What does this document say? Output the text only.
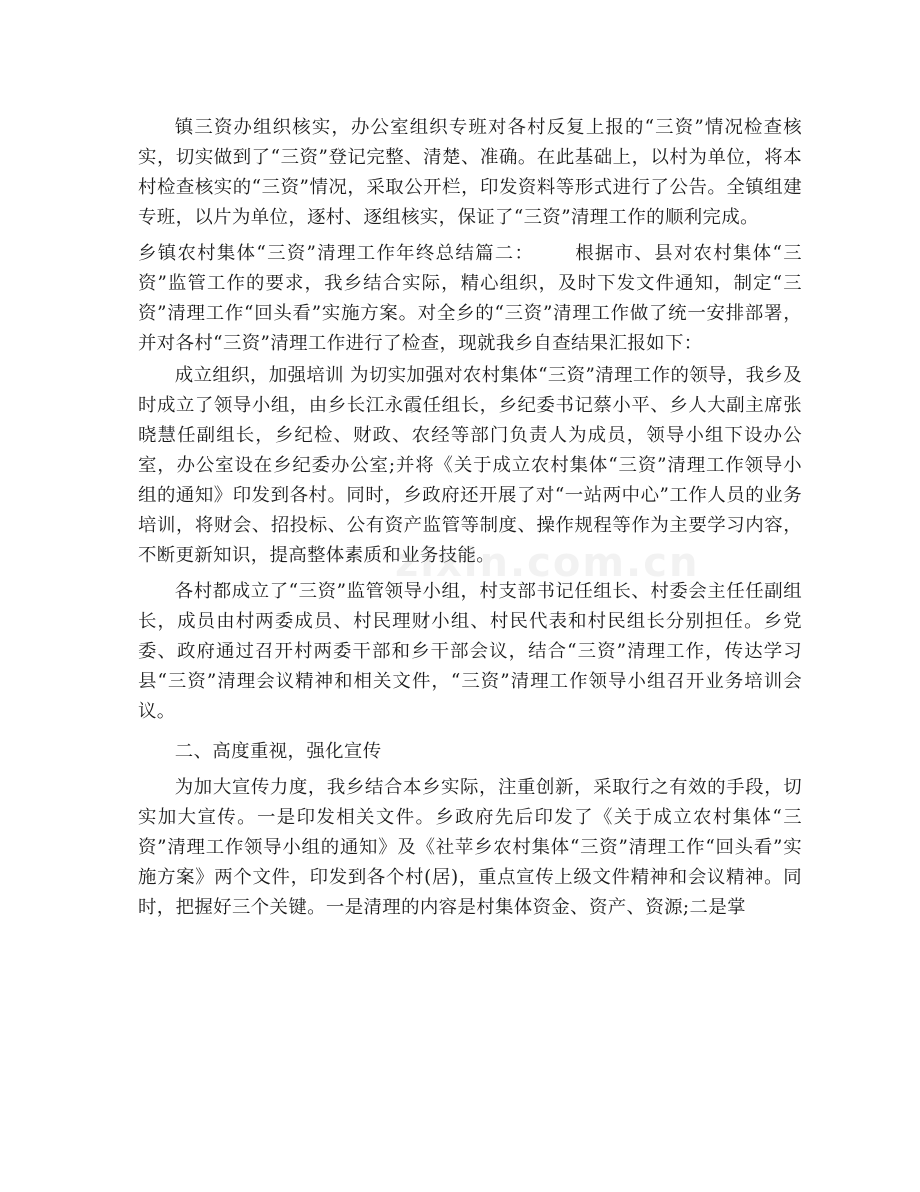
镇三资办组织核实，办公室组织专班对各村反复上报的“三资”情况检查核实，切实做到了“三资”登记完整、清楚、准确。在此基础上，以村为单位，将本村检查核实的“三资”情况，采取公开栏，印发资料等形式进行了公告。全镇组建专班，以片为单位，逐村、逐组核实，保证了“三资”清理工作的顺利完成。

乡镇农村集体“三资”清理工作年终总结篇二： 根据市、县对农村集体“三资”监管工作的要求，我乡结合实际，精心组织，及时下发文件通知，制定“三资”清理工作“回头看”实施方案。对全乡的“三资”清理工作做了统一安排部署，并对各村“三资”清理工作进行了检查，现就我乡自查结果汇报如下：

成立组织，加强培训 为切实加强对农村集体“三资”清理工作的领导，我乡及时成立了领导小组，由乡长江永霞任组长，乡纪委书记蔡小平、乡人大副主席张晓慧任副组长，乡纪检、财政、农经等部门负责人为成员，领导小组下设办公室，办公室设在乡纪委办公室;并将《关于成立农村集体“三资”清理工作领导小组的通知》印发到各村。同时，乡政府还开展了对“一站两中心”工作人员的业务培训，将财会、招投标、公有资产监管等制度、操作规程等作为主要学习内容，不断更新知识，提高整体素质和业务技能。

各村都成立了“三资”监管领导小组，村支部书记任组长、村委会主任任副组长，成员由村两委成员、村民理财小组、村民代表和村民组长分别担任。乡党委、政府通过召开村两委干部和乡干部会议，结合“三资”清理工作，传达学习县“三资”清理会议精神和相关文件，“三资”清理工作领导小组召开业务培训会议。

二、高度重视，强化宣传

为加大宣传力度，我乡结合本乡实际，注重创新，采取行之有效的手段，切实加大宣传。一是印发相关文件。乡政府先后印发了《关于成立农村集体“三资”清理工作领导小组的通知》及《社苹乡农村集体“三资”清理工作“回头看”实施方案》两个文件，印发到各个村(居)，重点宣传上级文件精神和会议精神。同时，把握好三个关键。一是清理的内容是村集体资金、资产、资源;二是掌

zixin.com.cn
